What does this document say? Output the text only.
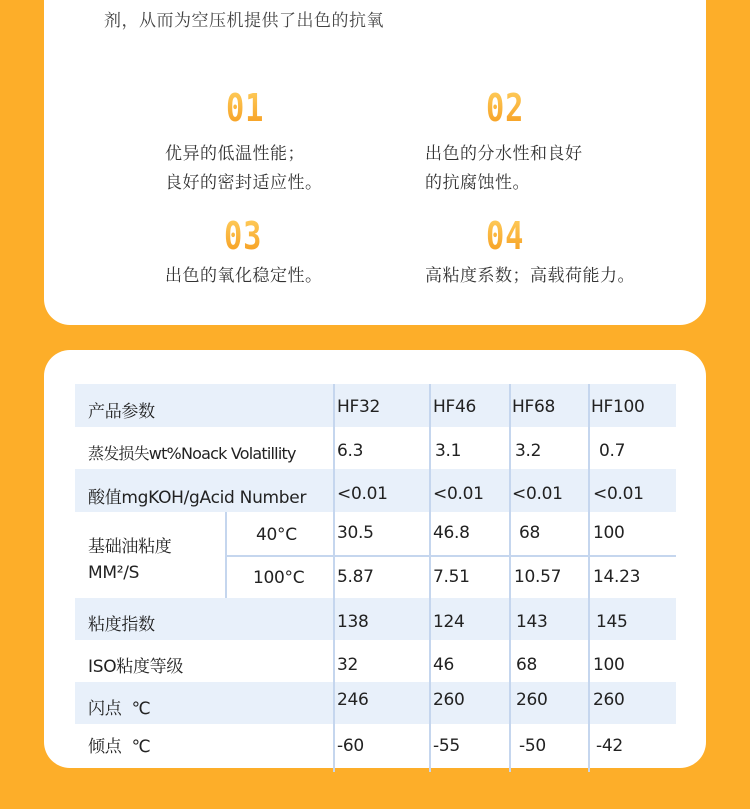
剂，从而为空压机提供了出色的抗氧
01
优异的低温性能；
良好的密封适应性。
02
出色的分水性和良好
的抗腐蚀性。
03
出色的氧化稳定性。
04
高粘度系数；高载荷能力。
产品参数	HF32	HF46 HF68 HF100
蒸发损失wt%Noack Volatillity 6.3	3.1	3.2	0.7
酸值mgKOH/gAcid Number <0.01	<0.01 <0.01 <0.01
基础油粘度
MM²/S
40°C 30.5	46.8	68	100
100°C 5.87	7.51	10.57 14.23
粘度指数	138	124	143	145
ISO粘度等级	32	46	68	100
闪点  ℃	246	260	260	260
倾点  ℃	-60	-55	-50	-42
